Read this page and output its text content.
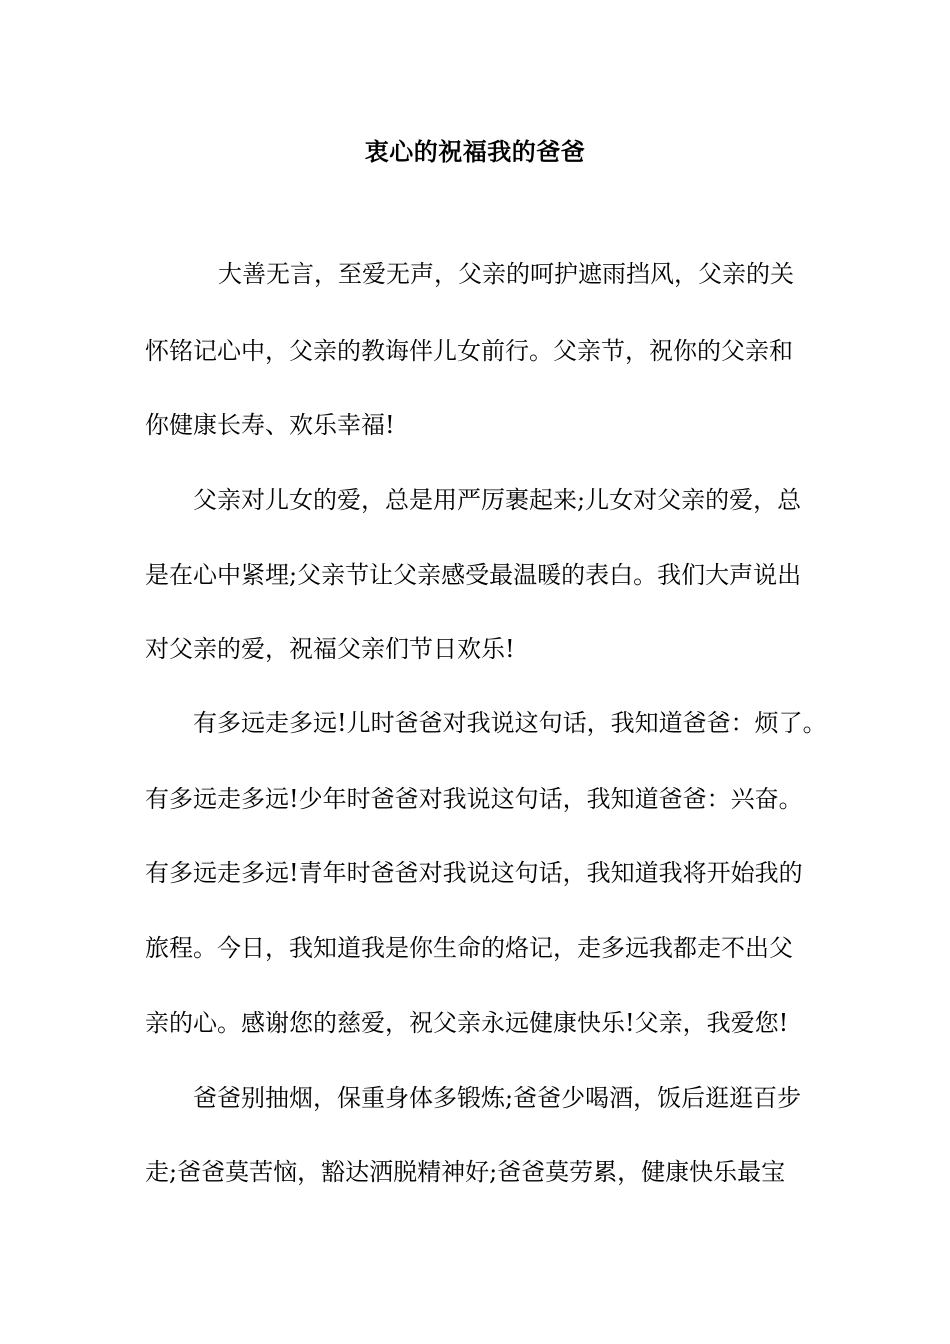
衷心的祝福我的爸爸
大善无言，至爱无声，父亲的呵护遮雨挡风，父亲的关
怀铭记心中，父亲的教诲伴儿女前行。父亲节，祝你的父亲和
你健康长寿、欢乐幸福!
父亲对儿女的爱，总是用严厉裹起来;儿女对父亲的爱，总
是在心中紧埋;父亲节让父亲感受最温暖的表白。我们大声说出
对父亲的爱，祝福父亲们节日欢乐!
有多远走多远!儿时爸爸对我说这句话，我知道爸爸：烦了。
有多远走多远!少年时爸爸对我说这句话，我知道爸爸：兴奋。
有多远走多远!青年时爸爸对我说这句话，我知道我将开始我的
旅程。今日，我知道我是你生命的烙记，走多远我都走不出父
亲的心。感谢您的慈爱，祝父亲永远健康快乐!父亲，我爱您!
爸爸别抽烟，保重身体多锻炼;爸爸少喝酒，饭后逛逛百步
走;爸爸莫苦恼，豁达洒脱精神好;爸爸莫劳累，健康快乐最宝
